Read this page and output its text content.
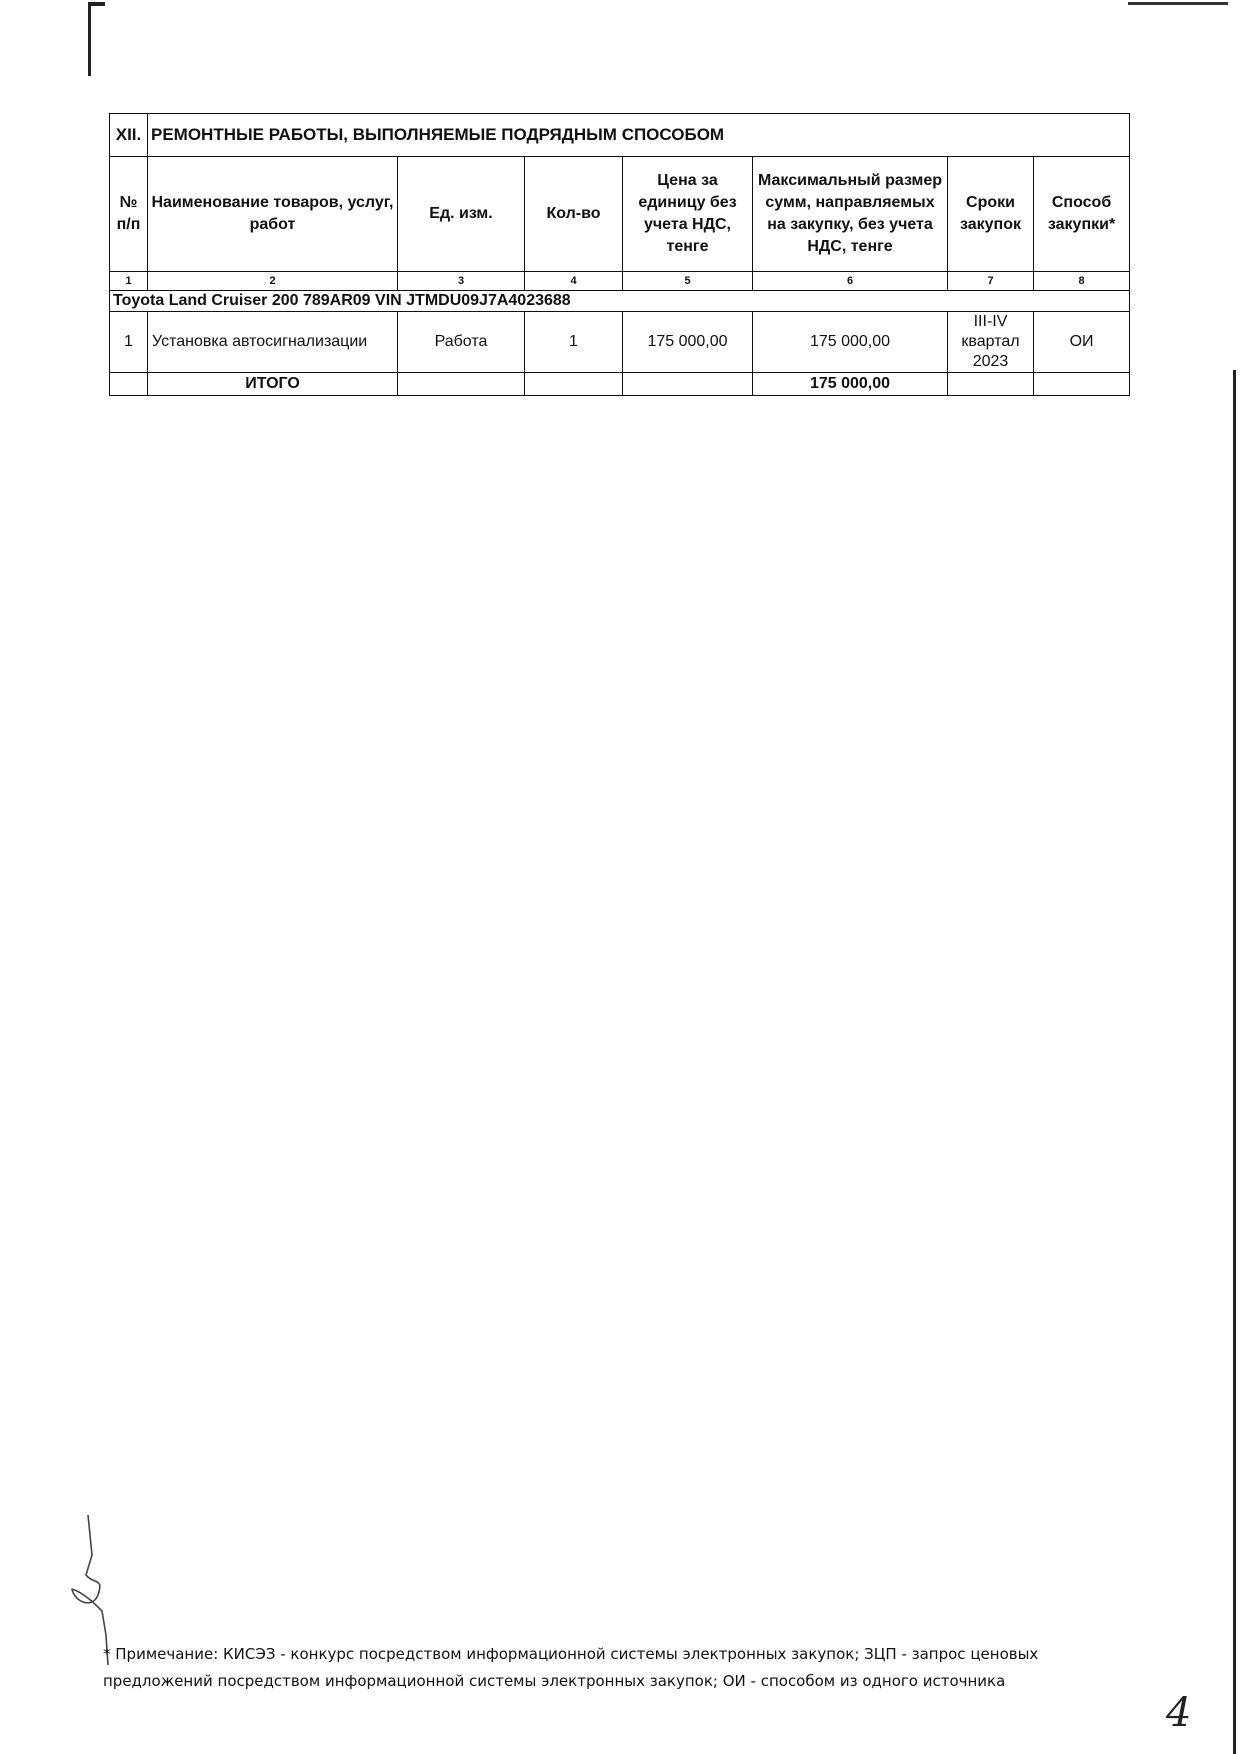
XII.	РЕМОНТНЫЕ РАБОТЫ, ВЫПОЛНЯЕМЫЕ ПОДРЯДНЫМ СПОСОБОМ						
№ п/п	Наименование товаров, услуг, работ	Ед. изм.	Кол-во	Цена за единицу без учета НДС, тенге	Максимальный размер сумм, направляемых на закупку, без учета НДС, тенге	Сроки закупок	Способ закупки*
1	2	3	4	5	6	7	8
Toyota Land Cruiser 200 789AR09 VIN JTMDU09J7A4023688							
1	Установка автосигнализации	Работа	1	175 000,00	175 000,00	III-IV квартал 2023	ОИ
	ИТОГО				175 000,00		
* Примечание: КИСЭЗ - конкурс посредством информационной системы электронных закупок; ЗЦП - запрос ценовых
предложений посредством информационной системы электронных закупок; ОИ - способом из одного источника
4
